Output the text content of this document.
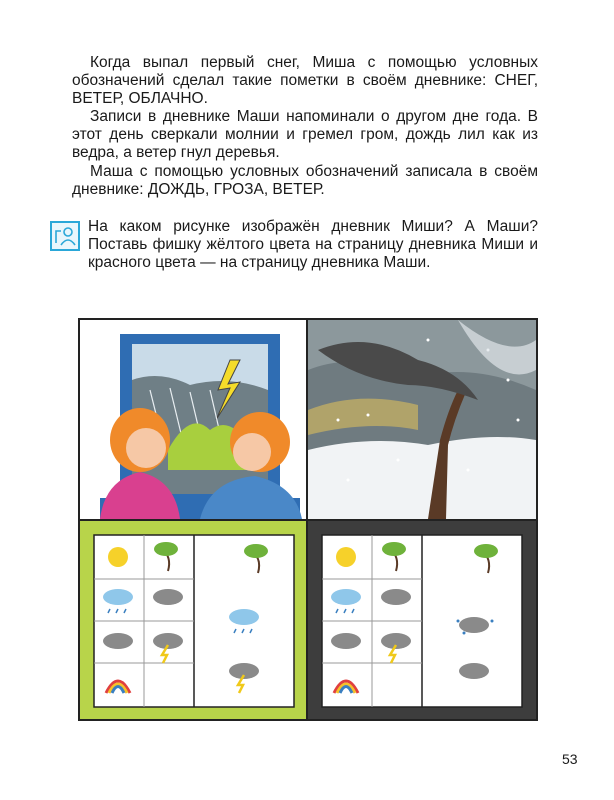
Когда выпал первый снег, Миша с помощью условных обозначений сделал такие пометки в своём дневнике: СНЕГ, ВЕТЕР, ОБЛАЧНО.

Записи в дневнике Маши напоминали о другом дне года. В этот день сверкали молнии и гремел гром, дождь лил как из ведра, а ветер гнул деревья.

Маша с помощью условных обозначений записала в своём дневнике: ДОЖДЬ, ГРОЗА, ВЕТЕР.

На каком рисунке изображён дневник Миши? А Маши? Поставь фишку жёлтого цвета на страницу дневника Миши и красного цвета — на страницу дневника Маши.

53
